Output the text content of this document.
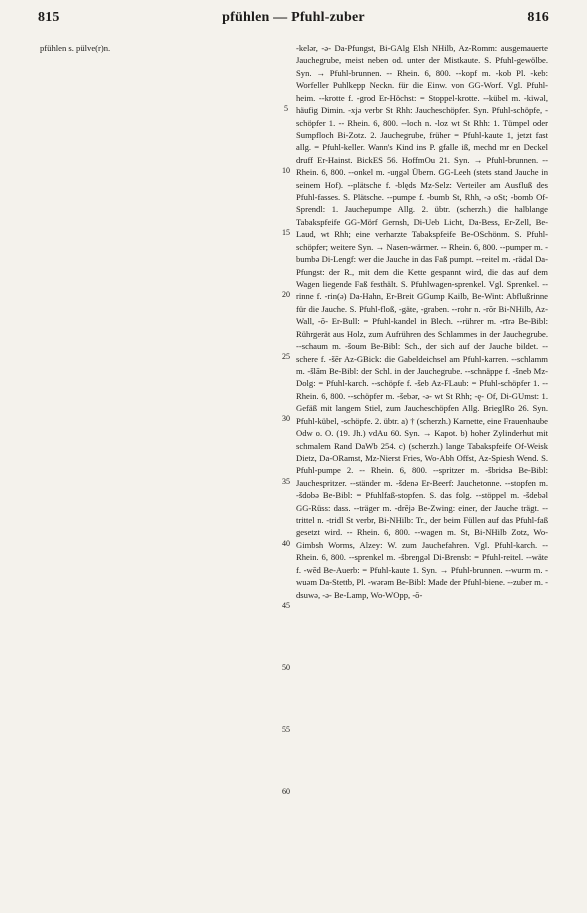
815	pfühlen — Pfuhl-zuber	816

pfühlen s. pülve(r)n.

5
10
15
20
25
30
35
40
45
50
55
60

-kelər, -ə- Da-Pfungst, Bi-GAlg Elsh NHilb, Az-Romm: ausgemauerte Jauchegrube, meist neben od. unter der Mistkaute. S. Pfuhl-gewölbe. Syn. → Pfuhl-brunnen. -- Rhein. 6, 800. --kopf m. -kob Pl. -keb: Worfeller Puhlkepp Neckn. für die Einw. von GG-Worf. Vgl. Pfuhl-heim. --krotte f. -grod Er-Höchst: = Stoppel-krotte. --kübel m. -kiwəl, häufig Dimin. -xjə verbr St Rhh: Jaucheschöpfer. Syn. Pfuhl-schöpfe, -schöpfer 1. -- Rhein. 6, 800. --loch n. -loz wt St Rhh: 1. Tümpel oder Sumpfloch Bi-Zotz. 2. Jauchegrube, früher = Pfuhl-kaute 1, jetzt fast allg. = Pfuhl-keller. Wann's Kind ins P. gfalle iß, mechd mr en Deckel druff Er-Hainst. BickES 56. HoffmOu 21. Syn. → Pfuhl-brunnen. -- Rhein. 6, 800. --onkel m. -uŋgəl Übern. GG-Leeh (stets stand Jauche in seinem Hof). --plätsche f. -blęds Mz-Selz: Verteiler am Ausfluß des Pfuhl-fasses. S. Plätsche. --pumpe f. -bumb St, Rhh, -ə oSt; -bomb Of-Sprendl: 1. Jauchepumpe Allg. 2. übtr. (scherzh.) die halblange Tabakspfeife GG-Mörf Gernsh, Di-Ueb Licht, Da-Bess, Er-Zell, Be-Laud, wt Rhh; eine verharzte Tabakspfeife Be-OSchönm. S. Pfuhl-schöpfer; weitere Syn. → Nasen-wärmer. -- Rhein. 6, 800. --pumper m. -bumbə Di-Lengf: wer die Jauche in das Faß pumpt. --reitel m. -rädəl Da-Pfungst: der R., mit dem die Kette gespannt wird, die das auf dem Wagen liegende Faß festhält. S. Pfuhlwagen-sprenkel. Vgl. Sprenkel. --rinne f. -rin(ə) Da-Hahn, Er-Breit GGump Kailb, Be-Wint: Abflußrinne für die Jauche. S. Pfuhl-floß, -gäte, -graben. --rohr n. -rōr Bi-NHilb, Az-Wall, -ō- Er-Bull: = Pfuhl-kandel in Blech. --rührer m. -rīrə Be-Bibl: Rührgerät aus Holz, zum Aufrühren des Schlammes in der Jauchegrube. --schaum m. -šoum Be-Bibl: Sch., der sich auf der Jauche bildet. --schere f. -šēr Az-GBick: die Gabeldeichsel am Pfuhl-karren. --schlamm m. -šlām Be-Bibl: der Schl. in der Jauchegrube. --schnäppe f. -šneb Mz-Dolg: = Pfuhl-karch. --schöpfe f. -šeb Az-FLaub: = Pfuhl-schöpfer 1. -- Rhein. 6, 800. --schöpfer m. -šebər, -ə- wt St Rhh; -ę- Of, Di-GUmst: 1. Gefäß mit langem Stiel, zum Jaucheschöpfen Allg. BrieglRo 26. Syn. Pfuhl-kübel, -schöpfe. 2. übtr. a) † (scherzh.) Karnette, eine Frauenhaube Odw o. O. (19. Jh.) vdAu 60. Syn. → Kapot. b) hoher Zylinderhut mit schmalem Rand DaWb 254. c) (scherzh.) lange Tabakspfeife Of-Weisk Dietz, Da-ORamst, Mz-Nierst Fries, Wo-Abh Offst, Az-Spiesh Wend. S. Pfuhl-pumpe 2. -- Rhein. 6, 800. --spritzer m. -šbridsə Be-Bibl: Jauchespritzer. --ständer m. -šdenə Er-Beerf: Jauchetonne. --stopfen m. -šdobə Be-Bibl: = Pfuhlfaß-stopfen. S. das folg. --stöppel m. -šdebəl GG-Rüss: dass. --träger m. -drējə Be-Zwing: einer, der Jauche trägt. --trittel n. -tridl St verbr, Bi-NHilb: Tr., der beim Füllen auf das Pfuhl-faß gesetzt wird. -- Rhein. 6, 800. --wagen m. St, Bi-NHilb Zotz, Wo-Gimbsh Worms, Alzey: W. zum Jauchefahren. Vgl. Pfuhl-karch. -- Rhein. 6, 800. --sprenkel m. -šbreŋgəl Di-Brensb: = Pfuhl-reitel. --wäte f. -wēd Be-Auerb: = Pfuhl-kaute 1. Syn. → Pfuhl-brunnen. --wurm m. -wuəm Da-Stettb, Pl. -wərəm Be-Bibl: Made der Pfuhl-biene. --zuber m. -dsuwə, -ə- Be-Lamp, Wo-WOpp, -ō-
